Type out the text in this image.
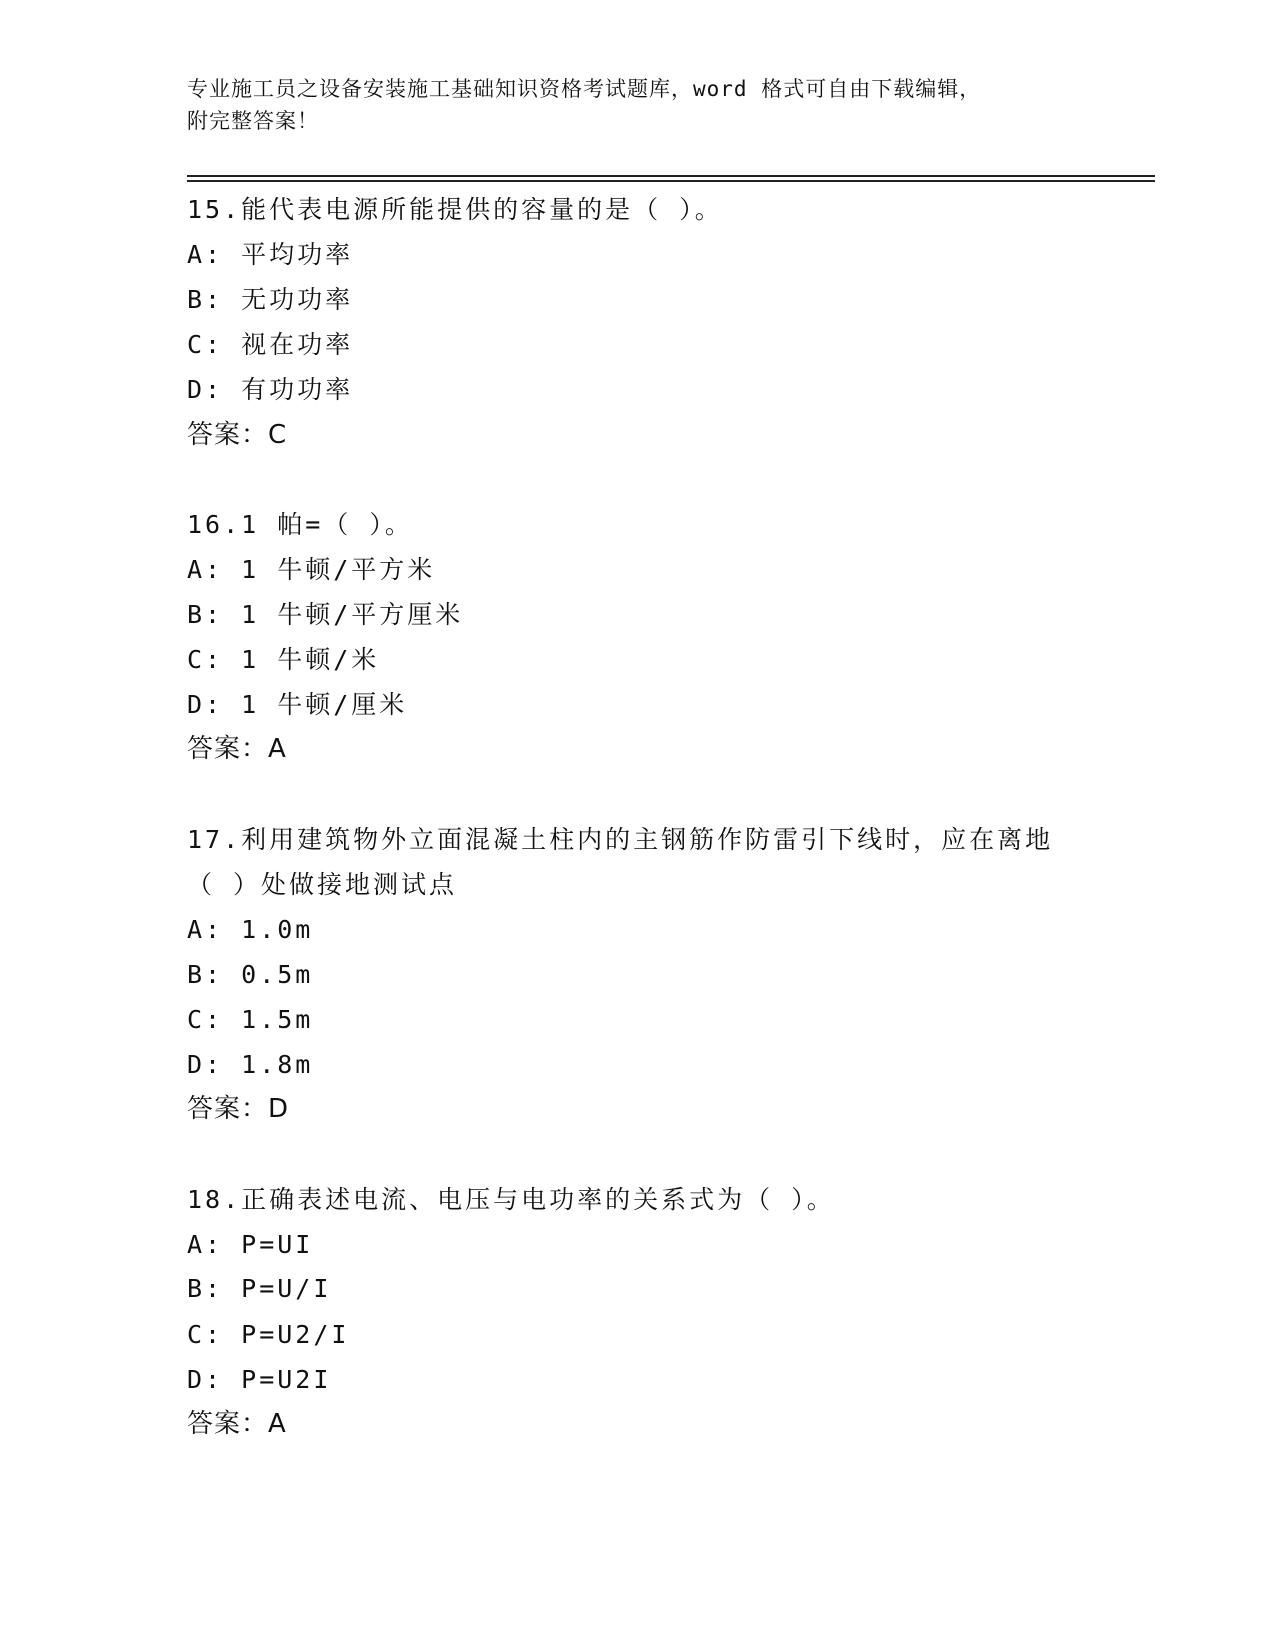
专业施工员之设备安装施工基础知识资格考试题库，word 格式可自由下载编辑，
附完整答案！
15.能代表电源所能提供的容量的是（ ）。
A: 平均功率
B: 无功功率
C: 视在功率
D: 有功功率
答案：C
16.1 帕=（ ）。
A: 1 牛顿/平方米
B: 1 牛顿/平方厘米
C: 1 牛顿/米
D: 1 牛顿/厘米
答案：A
17.利用建筑物外立面混凝土柱内的主钢筋作防雷引下线时，应在离地
（ ）处做接地测试点
A: 1.0m
B: 0.5m
C: 1.5m
D: 1.8m
答案：D
18.正确表述电流、电压与电功率的关系式为（ ）。
A: P=UI
B: P=U/I
C: P=U2/I
D: P=U2I
答案：A
